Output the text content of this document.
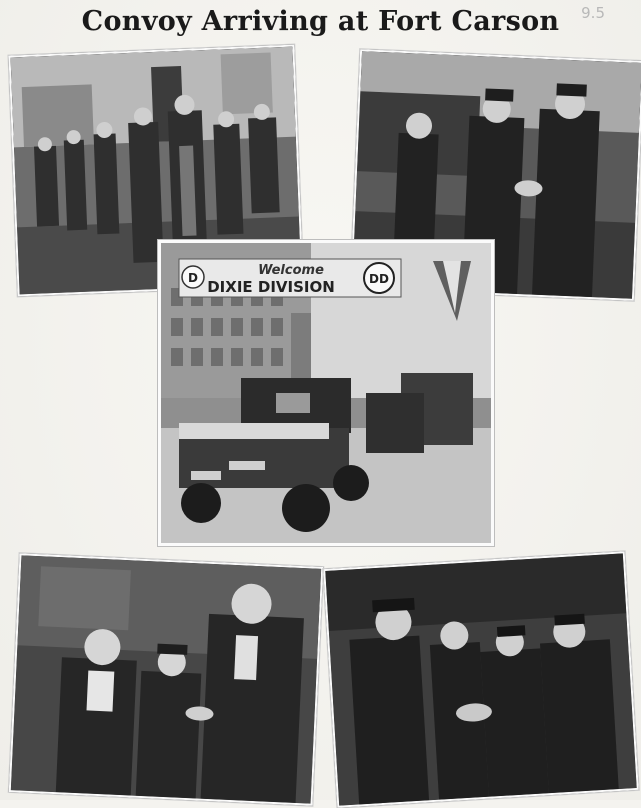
Convoy Arriving at Fort Carson	9.5
Welcome
DIXIE DIVISION
D	DD
